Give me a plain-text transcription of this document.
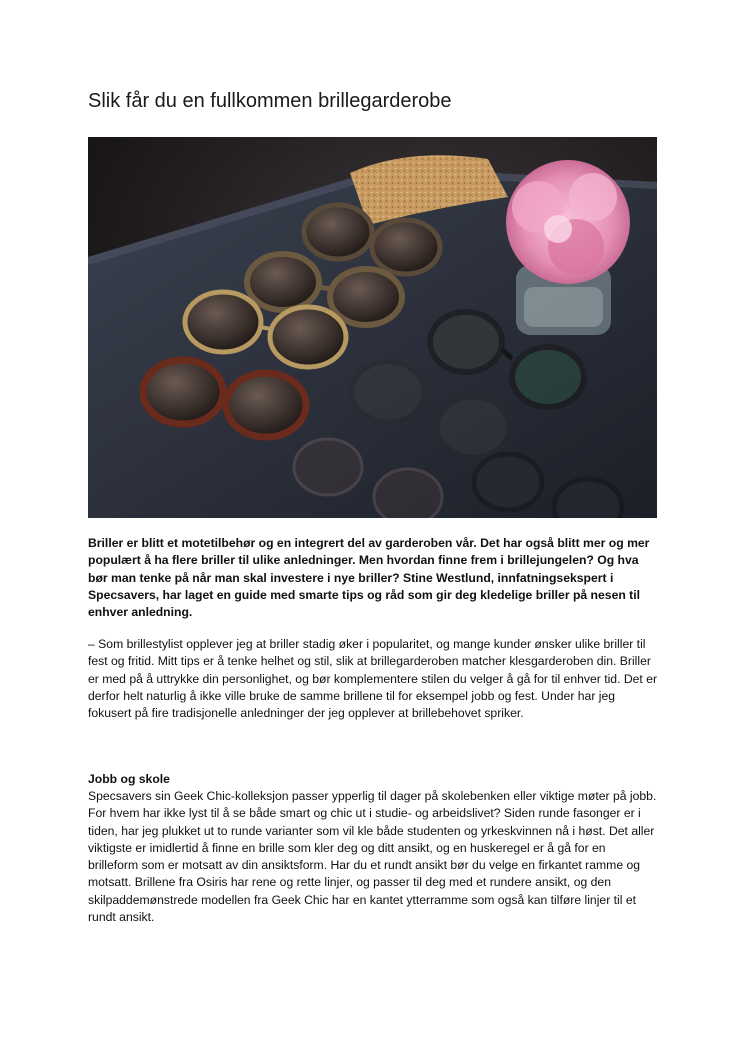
Slik får du en fullkommen brillegarderobe

Briller er blitt et motetilbehør og en integrert del av garderoben vår. Det har også blitt mer og mer populært å ha flere briller til ulike anledninger. Men hvordan finne frem i brillejungelen? Og hva bør man tenke på når man skal investere i nye briller? Stine Westlund, innfatningsekspert i Specsavers, har laget en guide med smarte tips og råd som gir deg kledelige briller på nesen til enhver anledning.

– Som brillestylist opplever jeg at briller stadig øker i popularitet, og mange kunder ønsker ulike briller til fest og fritid. Mitt tips er å tenke helhet og stil, slik at brillegarderoben matcher klesgarderoben din. Briller er med på å uttrykke din personlighet, og bør komplementere stilen du velger å gå for til enhver tid. Det er derfor helt naturlig å ikke ville bruke de samme brillene til for eksempel jobb og fest. Under har jeg fokusert på fire tradisjonelle anledninger der jeg opplever at brillebehovet spriker.

Jobb og skole

Specsavers sin Geek Chic-kolleksjon passer ypperlig til dager på skolebenken eller viktige møter på jobb. For hvem har ikke lyst til å se både smart og chic ut i studie- og arbeidslivet? Siden runde fasonger er i tiden, har jeg plukket ut to runde varianter som vil kle både studenten og yrkeskvinnen nå i høst. Det aller viktigste er imidlertid å finne en brille som kler deg og ditt ansikt, og en huskeregel er å gå for en brilleform som er motsatt av din ansiktsform. Har du et rundt ansikt bør du velge en firkantet ramme og motsatt. Brillene fra Osiris har rene og rette linjer, og passer til deg med et rundere ansikt, og den skilpaddemønstrede modellen fra Geek Chic har en kantet ytterramme som også kan tilføre linjer til et rundt ansikt.
